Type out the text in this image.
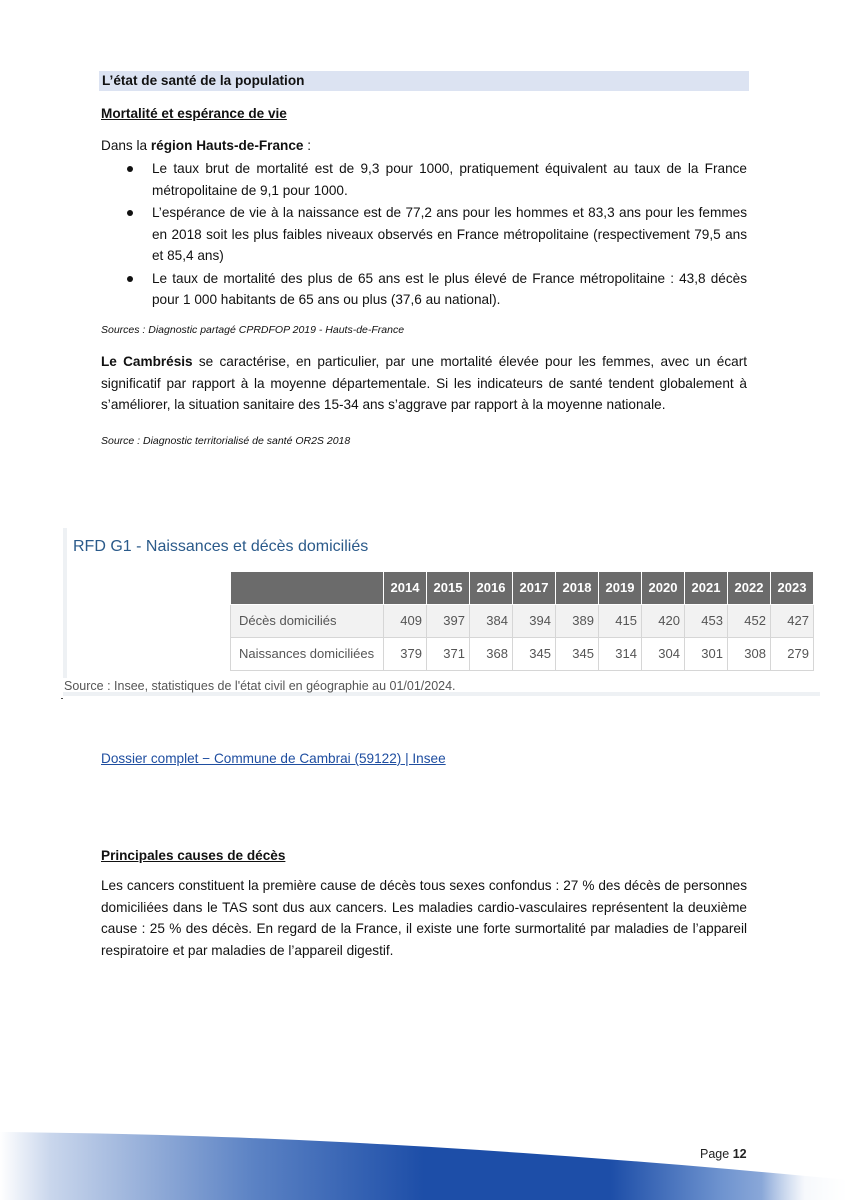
L’état de santé de la population
Mortalité et espérance de vie
Dans la région Hauts-de-France :
Le taux brut de mortalité est de 9,3 pour 1000, pratiquement équivalent au taux de la France métropolitaine de 9,1 pour 1000.
L’espérance de vie à la naissance est de 77,2 ans pour les hommes et 83,3 ans pour les femmes en 2018 soit les plus faibles niveaux observés en France métropolitaine (respectivement 79,5 ans et 85,4 ans)
Le taux de mortalité des plus de 65 ans est le plus élevé de France métropolitaine : 43,8 décès pour 1 000 habitants de 65 ans ou plus (37,6 au national).
Sources : Diagnostic partagé CPRDFOP 2019 - Hauts-de-France
Le Cambrésis se caractérise, en particulier, par une mortalité élevée pour les femmes, avec un écart significatif par rapport à la moyenne départementale. Si les indicateurs de santé tendent globalement à s’améliorer, la situation sanitaire des 15-34 ans s’aggrave par rapport à la moyenne nationale.
Source : Diagnostic territorialisé de santé OR2S 2018
RFD G1 - Naissances et décès domiciliés
	2014	2015	2016	2017	2018	2019	2020	2021	2022	2023
Décès domiciliés	409	397	384	394	389	415	420	453	452	427
Naissances domiciliées	379	371	368	345	345	314	304	301	308	279
Source : Insee, statistiques de l'état civil en géographie au 01/01/2024.
Dossier complet − Commune de Cambrai (59122) | Insee
Principales causes de décès
Les cancers constituent la première cause de décès tous sexes confondus : 27 % des décès de personnes domiciliées dans le TAS sont dus aux cancers. Les maladies cardio-vasculaires représentent la deuxième cause : 25 % des décès. En regard de la France, il existe une forte surmortalité par maladies de l’appareil respiratoire et par maladies de l’appareil digestif.
Page 12
